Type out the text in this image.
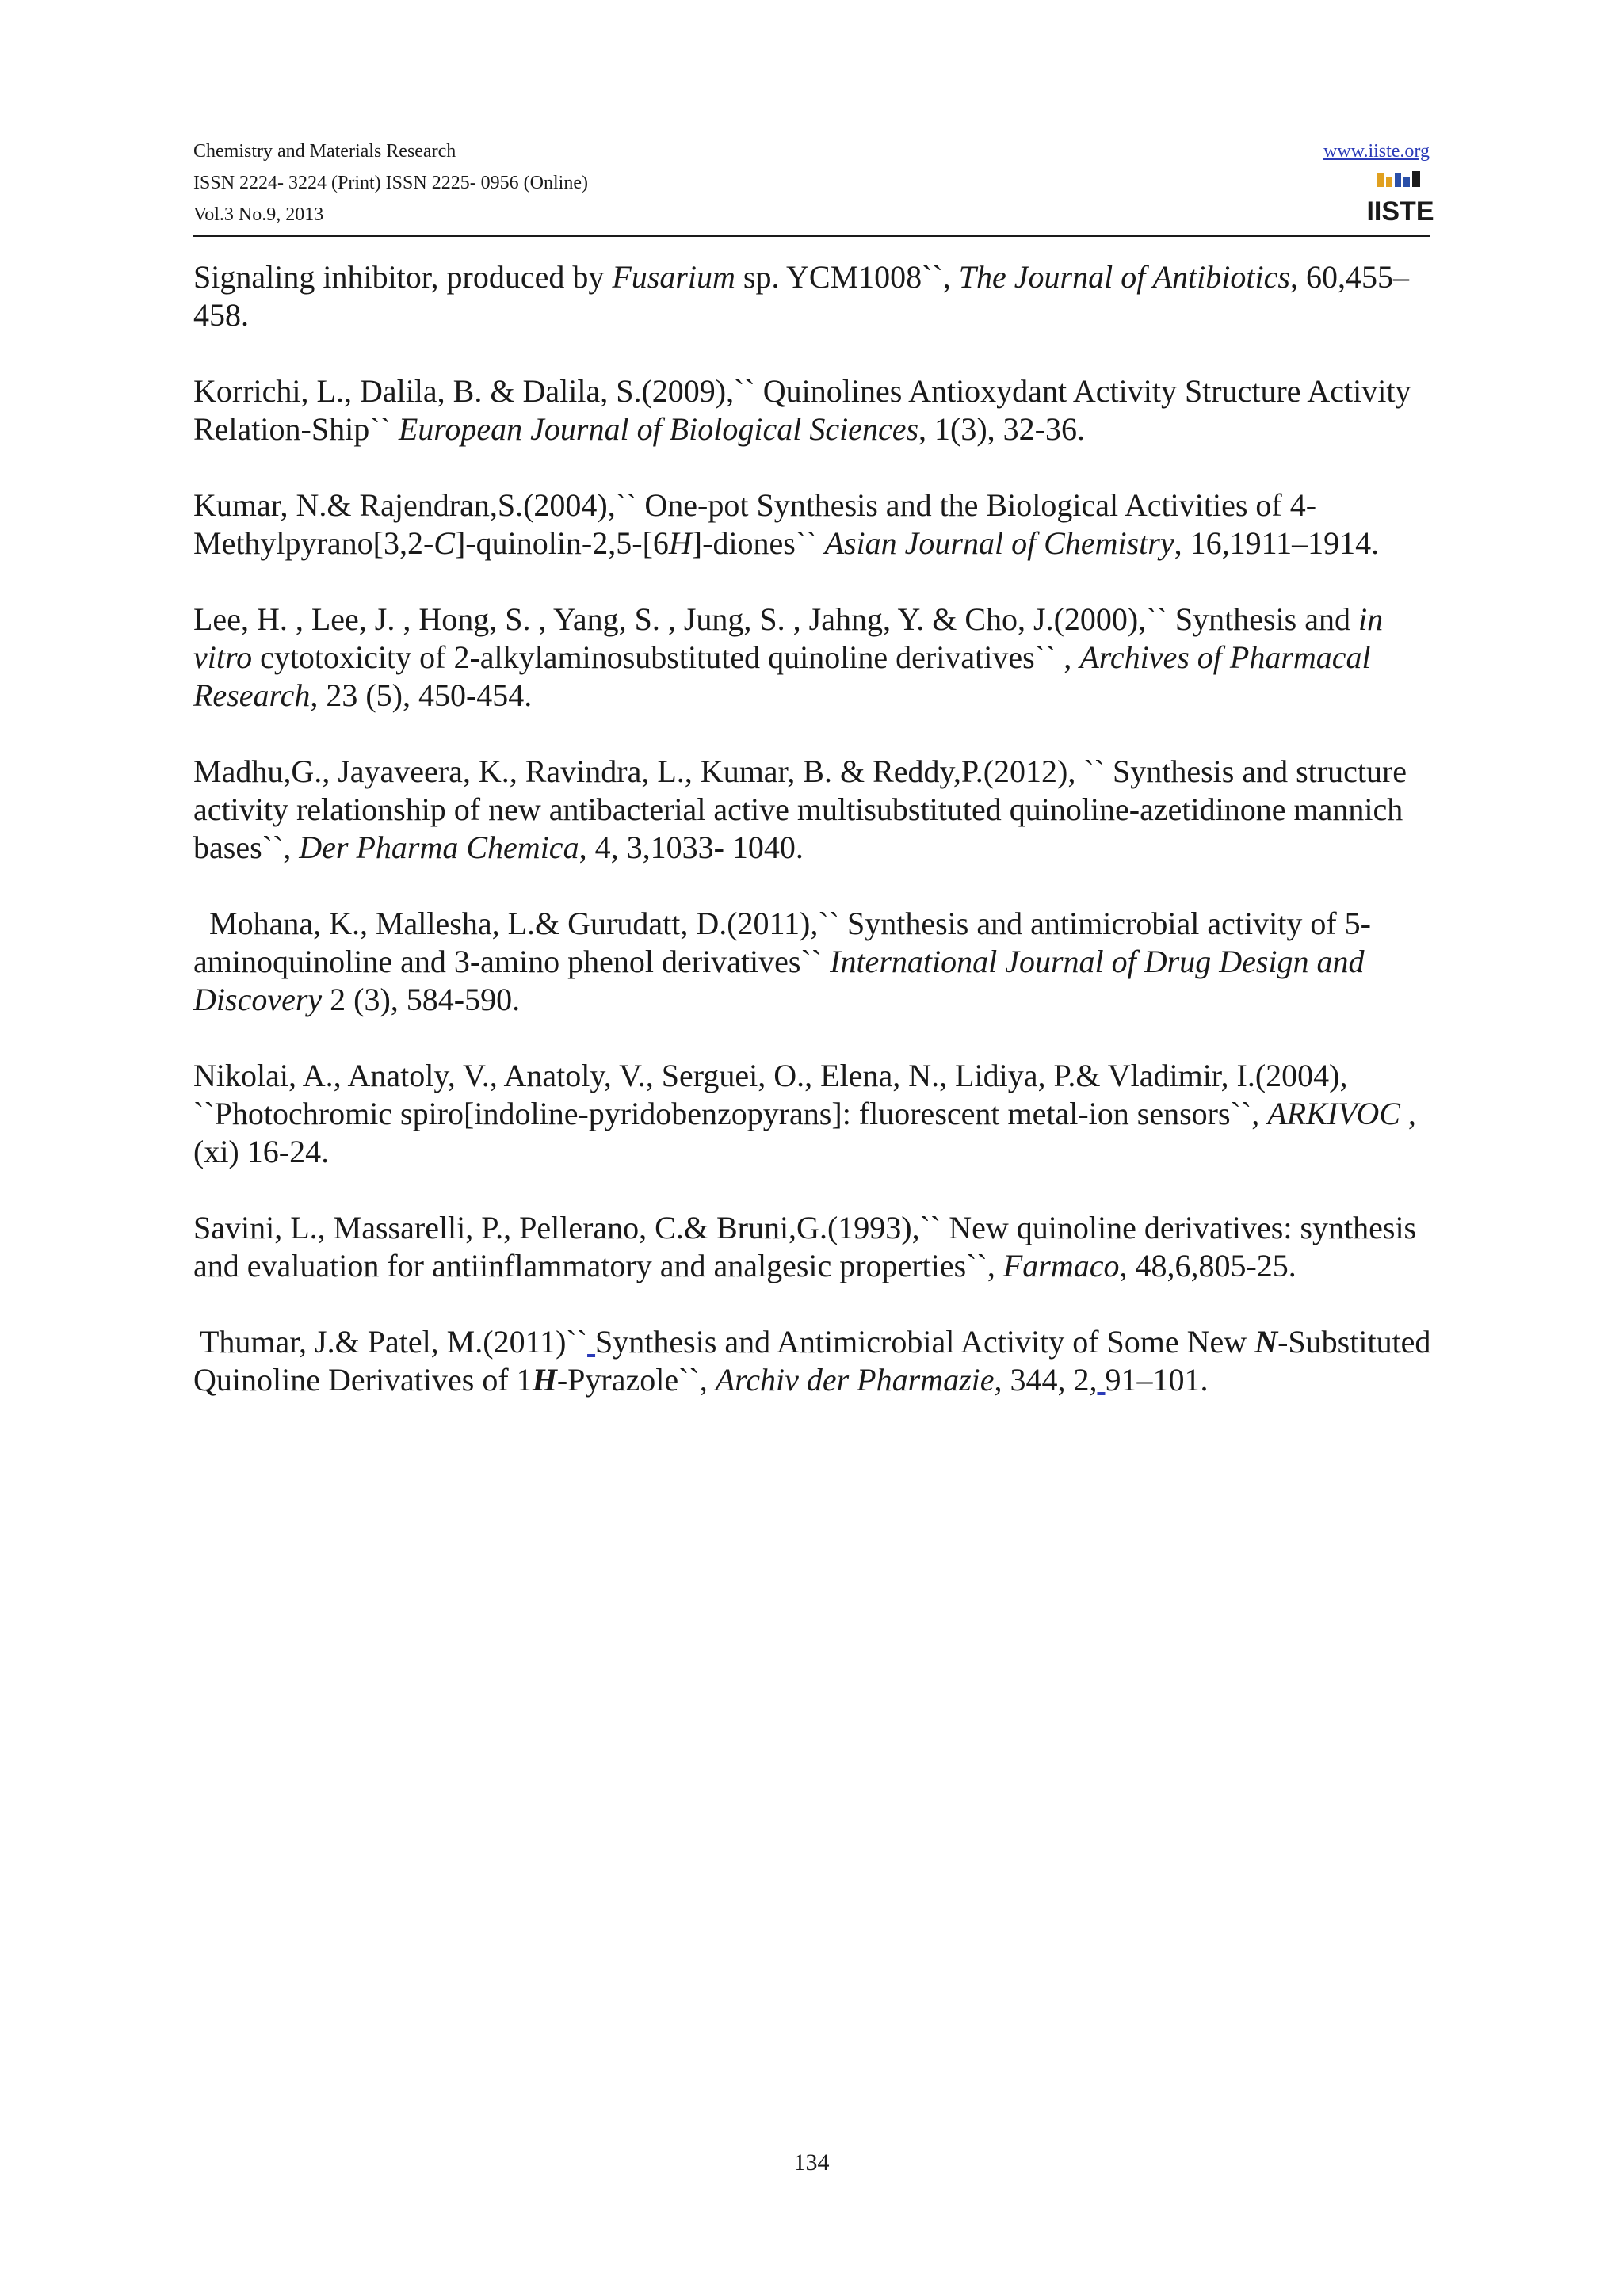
Chemistry and Materials Research
ISSN 2224- 3224 (Print) ISSN 2225- 0956 (Online)
Vol.3 No.9, 2013
www.iiste.org
IISTE

Signaling inhibitor, produced by Fusarium sp. YCM1008``, The Journal of Antibiotics, 60,455–458.

Korrichi, L., Dalila, B. & Dalila, S.(2009),`` Quinolines Antioxydant Activity Structure Activity Relation-Ship`` European Journal of Biological Sciences, 1(3), 32-36.

Kumar, N.& Rajendran,S.(2004),`` One-pot Synthesis and the Biological Activities of 4-Methylpyrano[3,2-C]-quinolin-2,5-[6H]-diones`` Asian Journal of Chemistry, 16,1911–1914.

Lee, H. , Lee, J. , Hong, S. , Yang, S. , Jung, S. , Jahng, Y. & Cho, J.(2000),`` Synthesis and in vitro cytotoxicity of 2-alkylaminosubstituted quinoline derivatives`` , Archives of Pharmacal Research, 23 (5), 450-454.

Madhu,G., Jayaveera, K., Ravindra, L., Kumar, B. & Reddy,P.(2012), `` Synthesis and structure activity relationship of new antibacterial active multisubstituted quinoline-azetidinone mannich bases``, Der Pharma Chemica, 4, 3,1033- 1040.

Mohana, K., Mallesha, L.& Gurudatt, D.(2011),`` Synthesis and antimicrobial activity of 5-aminoquinoline and 3-amino phenol derivatives`` International Journal of Drug Design and Discovery 2 (3), 584-590.

Nikolai, A., Anatoly, V., Anatoly, V., Serguei, O., Elena, N., Lidiya, P.& Vladimir, I.(2004), ``Photochromic spiro[indoline-pyridobenzopyrans]: fluorescent metal-ion sensors``, ARKIVOC , (xi) 16-24.

Savini, L., Massarelli, P., Pellerano, C.& Bruni,G.(1993),`` New quinoline derivatives: synthesis and evaluation for antiinflammatory and analgesic properties``, Farmaco, 48,6,805-25.

Thumar, J.& Patel, M.(2011)`` Synthesis and Antimicrobial Activity of Some New N-Substituted Quinoline Derivatives of 1H-Pyrazole``, Archiv der Pharmazie, 344, 2, 91–101.

134
